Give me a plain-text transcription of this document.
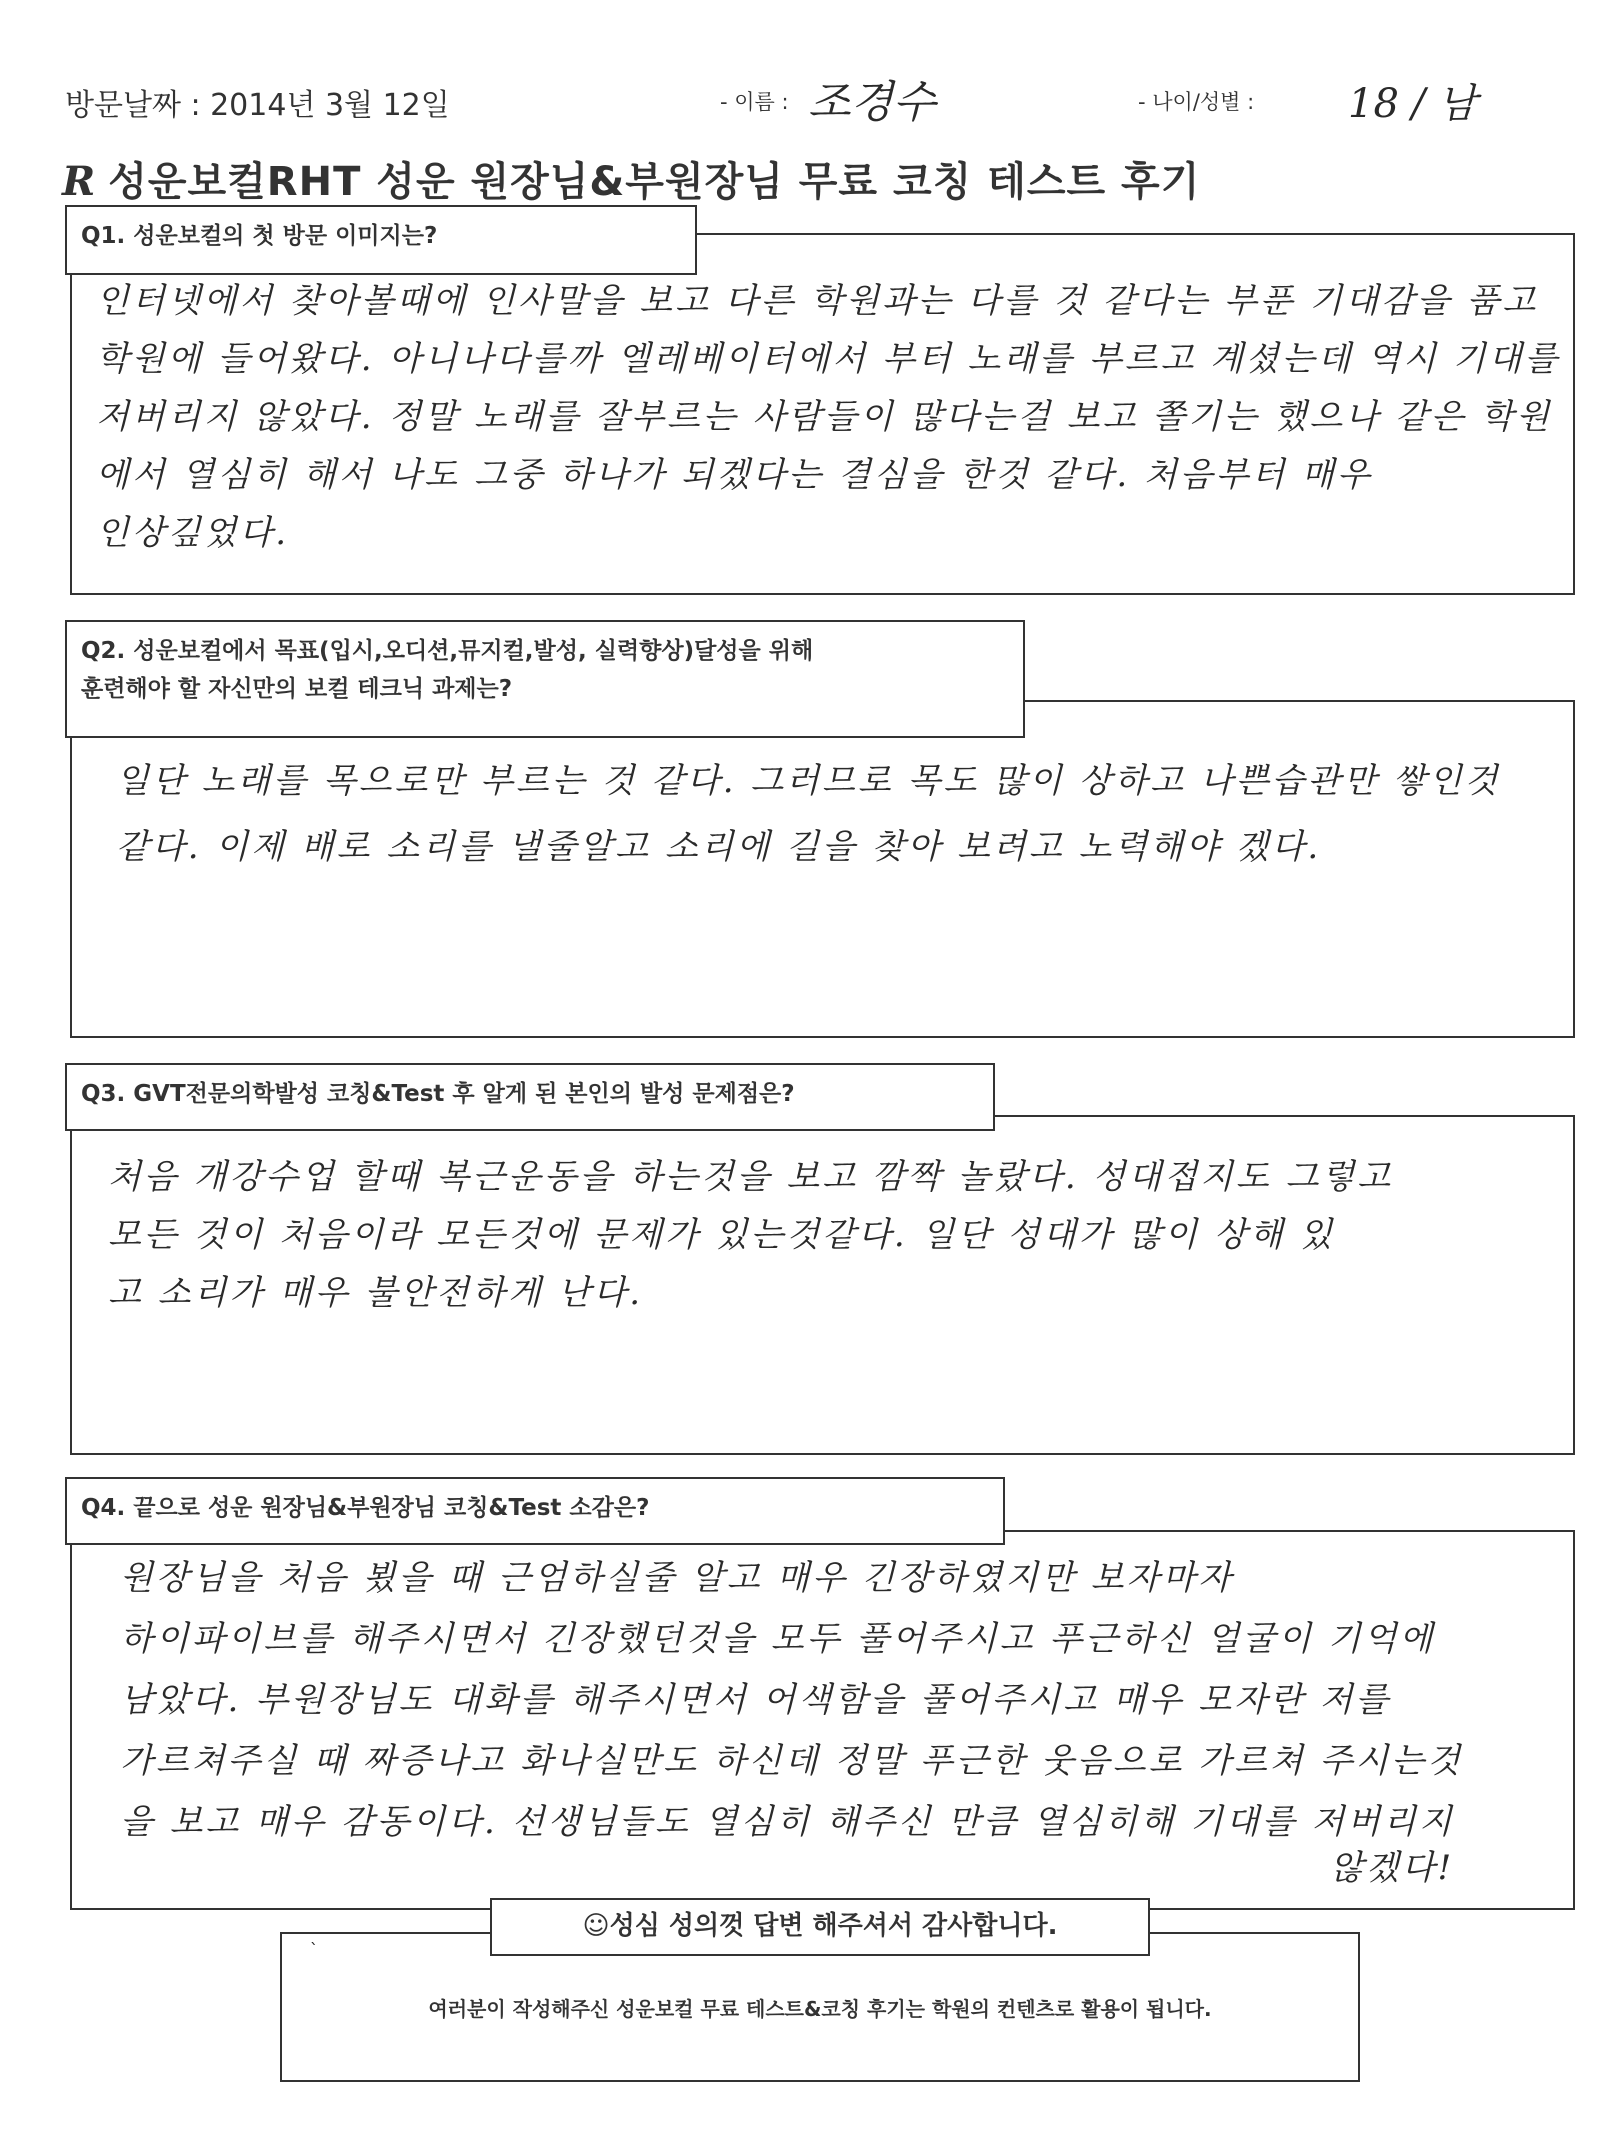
방문날짜 : 2014년 3월 12일	- 이름 : 조경수	- 나이/성별 : 18 / 남
R 성운보컬RHT 성운 원장님&부원장님 무료 코칭 테스트 후기
Q1. 성운보컬의 첫 방문 이미지는?
인터넷에서 찾아볼때에 인사말을 보고 다른 학원과는 다를 것 같다는 부푼 기대감을 품고
학원에 들어왔다. 아니나다를까 엘레베이터에서 부터 노래를 부르고 계셨는데 역시 기대를
저버리지 않았다. 정말 노래를 잘부르는 사람들이 많다는걸 보고 쫄기는 했으나 같은 학원
에서 열심히 해서 나도 그중 하나가 되겠다는 결심을 한것 같다. 처음부터 매우 인상깊었다.
Q2. 성운보컬에서 목표(입시,오디션,뮤지컬,발성, 실력향상)달성을 위해
훈련해야 할 자신만의 보컬 테크닉 과제는?
일단 노래를 목으로만 부르는 것 같다. 그러므로 목도 많이 상하고 나쁜습관만 쌓인것
같다. 이제 배로 소리를 낼줄알고 소리에 길을 찾아 보려고 노력해야 겠다.
Q3. GVT전문의학발성 코칭&Test 후 알게 된 본인의 발성 문제점은?
처음 개강수업 할때 복근운동을 하는것을 보고 깜짝 놀랐다. 성대접지도 그렇고
모든 것이 처음이라 모든것에 문제가 있는것같다. 일단 성대가 많이 상해 있
고 소리가 매우 불안전하게 난다.
Q4. 끝으로 성운 원장님&부원장님 코칭&Test 소감은?
원장님을 처음 뵜을 때 근엄하실줄 알고 매우 긴장하였지만 보자마자
하이파이브를 해주시면서 긴장했던것을 모두 풀어주시고 푸근하신 얼굴이 기억에
남았다. 부원장님도 대화를 해주시면서 어색함을 풀어주시고 매우 모자란 저를
가르쳐주실 때 짜증나고 화나실만도 하신데 정말 푸근한 웃음으로 가르쳐 주시는것
을 보고 매우 감동이다. 선생님들도 열심히 해주신 만큼 열심히해 기대를 저버리지
않겠다!
`
☺성심 성의껏 답변 해주셔서 감사합니다.
여러분이 작성해주신 성운보컬 무료 테스트&코칭 후기는 학원의 컨텐츠로 활용이 됩니다.
